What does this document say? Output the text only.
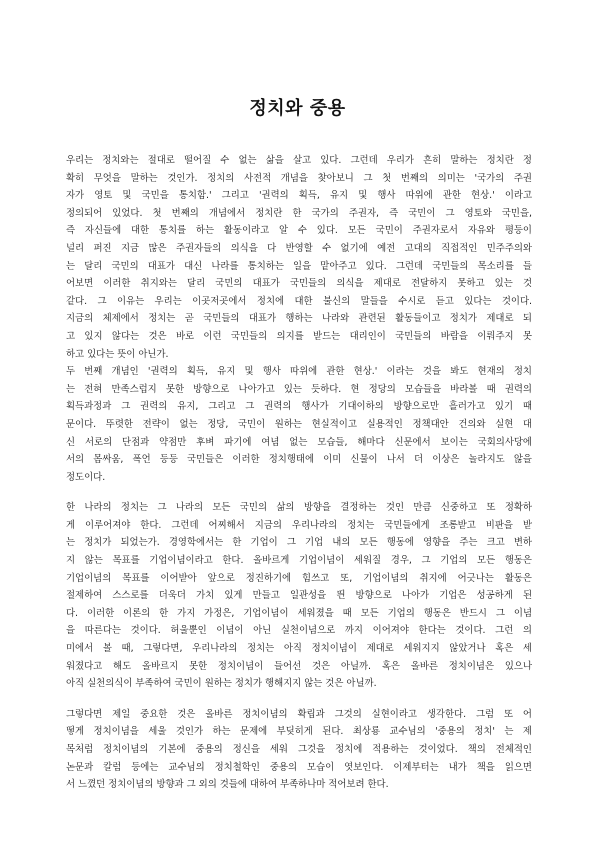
정치와 중용
우리는 정치와는 절대로 떨어질 수 없는 삶을 살고 있다. 그런데 우리가 흔히 말하는 정치란 정
확히 무엇을 말하는 것인가. 정치의 사전적 개념을 찾아보니 그 첫 번째의 의미는 '국가의 주권
자가 영토 및 국민을 통치함.' 그리고 '권력의 획득, 유지 및 행사 따위에 관한 현상.' 이라고
정의되어 있었다. 첫 번째의 개념에서 정치란 한 국가의 주권자, 즉 국민이 그 영토와 국민을,
즉 자신들에 대한 통치를 하는 활동이라고 알 수 있다. 모든 국민이 주권자로서 자유와 평등이
널리 퍼진 지금 많은 주권자들의 의식을 다 반영할 수 없기에 예전 고대의 직접적인 민주주의와
는 달리 국민의 대표가 대신 나라를 통치하는 일을 맡아주고 있다. 그런데 국민들의 목소리를 들
어보면 이러한 취지와는 달리 국민의 대표가 국민들의 의식을 제대로 전달하지 못하고 있는 것
같다. 그 이유는 우리는 이곳저곳에서 정치에 대한 불신의 말들을 수시로 듣고 있다는 것이다.
지금의 체제에서 정치는 곧 국민들의 대표가 행하는 나라와 관련된 활동들이고 정치가 제대로 되
고 있지 않다는 것은 바로 이런 국민들의 의지를 받드는 대리인이 국민들의 바람을 이뤄주지 못
하고 있다는 뜻이 아닌가.
두 번째 개념인 '권력의 획득, 유지 및 행사 따위에 관한 현상.' 이라는 것을 봐도 현재의 정치
는 전혀 만족스럽지 못한 방향으로 나아가고 있는 듯하다. 현 정당의 모습들을 바라볼 때 권력의
획득과정과 그 권력의 유지, 그리고 그 권력의 행사가 기대이하의 방향으로만 흘러가고 있기 때
문이다. 뚜렷한 전략이 없는 정당, 국민이 원하는 현실적이고 실용적인 정책대안 건의와 실현 대
신 서로의 단점과 약점만 후벼 파기에 여념 없는 모습들, 해마다 신문에서 보이는 국회의사당에
서의 몸싸움, 폭언 등등 국민들은 이러한 정치행태에 이미 신물이 나서 더 이상은 놀라지도 않을
정도이다.
한 나라의 정치는 그 나라의 모든 국민의 삶의 방향을 결정하는 것인 만큼 신중하고 또 정확하
게 이루어져야 한다. 그런데 어찌해서 지금의 우리나라의 정치는 국민들에게 조롱받고 비판을 받
는 정치가 되었는가. 경영학에서는 한 기업이 그 기업 내의 모든 행동에 영향을 주는 크고 변하
지 않는 목표를 기업이념이라고 한다. 올바르게 기업이념이 세워질 경우, 그 기업의 모든 행동은
기업이념의 목표를 이어받아 앞으로 정진하기에 힘쓰고 또, 기업이념의 취지에 어긋나는 활동은
절제하여 스스로를 더욱더 가치 있게 만들고 일관성을 띈 방향으로 나아가 기업은 성공하게 된
다. 이러한 이론의 한 가지 가정은, 기업이념이 세워졌을 때 모든 기업의 행동은 반드시 그 이념
을 따른다는 것이다. 허울뿐인 이념이 아닌 실천이념으로 까지 이어져야 한다는 것이다. 그런 의
미에서 볼 때, 그렇다면, 우리나라의 정치는 아직 정치이념이 제대로 세워지지 않았거나 혹은 세
워졌다고 해도 올바르지 못한 정치이념이 들어선 것은 아닐까. 혹은 올바른 정치이념은 있으나
아직 실천의식이 부족하여 국민이 원하는 정치가 행해지지 않는 것은 아닐까.
그렇다면 제일 중요한 것은 올바른 정치이념의 확립과 그것의 실현이라고 생각한다. 그럼 또 어
떻게 정치이념을 세울 것인가 하는 문제에 부딪히게 된다. 최상룡 교수님의 '중용의 정치' 는 제
목처럼 정치이념의 기본에 중용의 정신을 세워 그것을 정치에 적용하는 것이었다. 책의 전체적인
논문과 칼럼 등에는 교수님의 정치철학인 중용의 모습이 엿보인다. 이제부터는 내가 책을 읽으면
서 느꼈던 정치이념의 방향과 그 외의 것들에 대하여 부족하나마 적어보려 한다.
